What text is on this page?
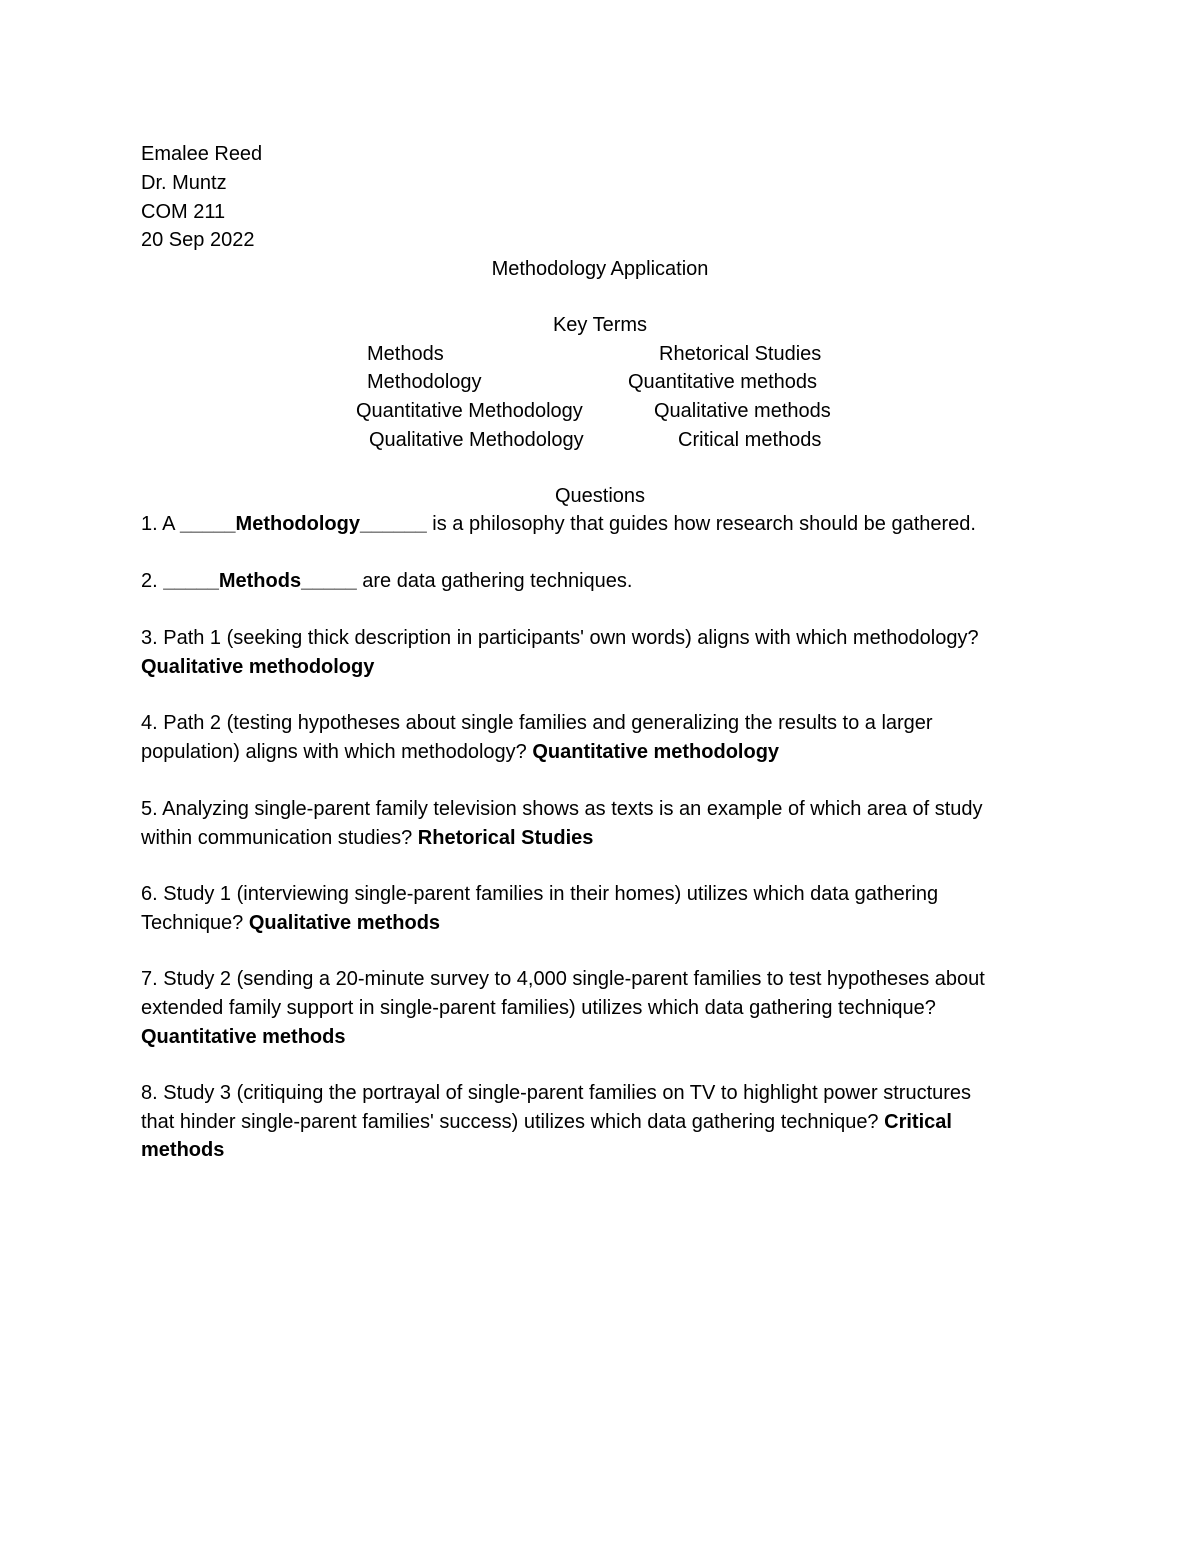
Emalee Reed
Dr. Muntz
COM 211
20 Sep 2022
Methodology Application
Key Terms
Methods
Methodology
Quantitative Methodology
Qualitative Methodology
Rhetorical Studies
Quantitative methods
Qualitative methods
Critical methods
Questions
1. A _____Methodology______ is a philosophy that guides how research should be gathered.
2. _____Methods_____ are data gathering techniques.
3. Path 1 (seeking thick description in participants' own words) aligns with which methodology?
Qualitative methodology
4. Path 2 (testing hypotheses about single families and generalizing the results to a larger
population) aligns with which methodology? Quantitative methodology
5. Analyzing single-parent family television shows as texts is an example of which area of study
within communication studies? Rhetorical Studies
6. Study 1 (interviewing single-parent families in their homes) utilizes which data gathering
Technique? Qualitative methods
7. Study 2 (sending a 20-minute survey to 4,000 single-parent families to test hypotheses about
extended family support in single-parent families) utilizes which data gathering technique?
Quantitative methods
8. Study 3 (critiquing the portrayal of single-parent families on TV to highlight power structures
that hinder single-parent families' success) utilizes which data gathering technique? Critical
methods
